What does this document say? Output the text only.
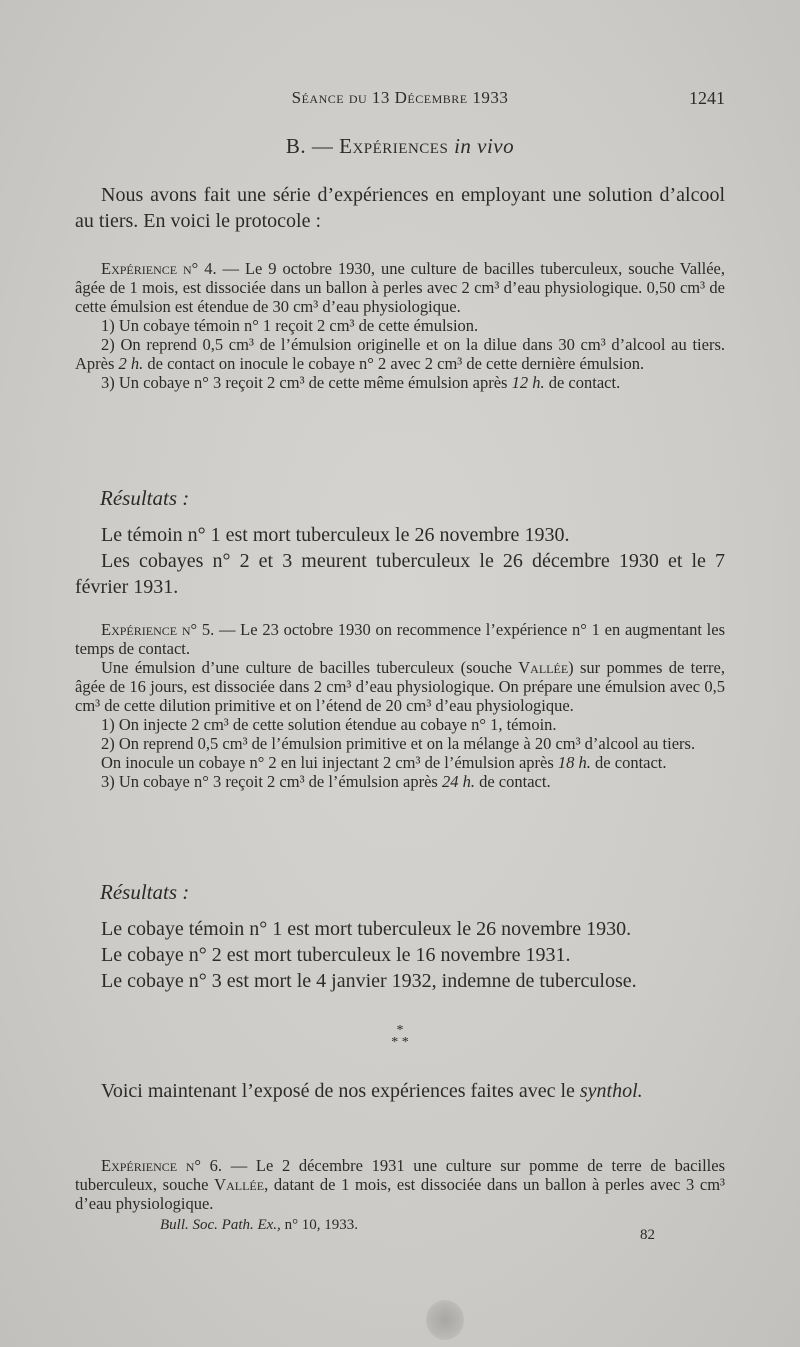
Séance du 13 Décembre 1933	1241
B. — Expériences in vivo

Nous avons fait une série d’expériences en employant une solution d’alcool au tiers. En voici le protocole :

Expérience n° 4. — Le 9 octobre 1930, une culture de bacilles tuberculeux, souche Vallée, âgée de 1 mois, est dissociée dans un ballon à perles avec 2 cm³ d’eau physiologique. 0,50 cm³ de cette émulsion est étendue de 30 cm³ d’eau physiologique.

1) Un cobaye témoin n° 1 reçoit 2 cm³ de cette émulsion.

2) On reprend 0,5 cm³ de l’émulsion originelle et on la dilue dans 30 cm³ d’alcool au tiers. Après 2 h. de contact on inocule le cobaye n° 2 avec 2 cm³ de cette dernière émulsion.

3) Un cobaye n° 3 reçoit 2 cm³ de cette même émulsion après 12 h. de contact.

Résultats :

Le témoin n° 1 est mort tuberculeux le 26 novembre 1930.

Les cobayes n° 2 et 3 meurent tuberculeux le 26 décembre 1930 et le 7 février 1931.

Expérience n° 5. — Le 23 octobre 1930 on recommence l’expérience n° 1 en augmentant les temps de contact.

Une émulsion d’une culture de bacilles tuberculeux (souche Vallée) sur pommes de terre, âgée de 16 jours, est dissociée dans 2 cm³ d’eau physiologique. On prépare une émulsion avec 0,5 cm³ de cette dilution primitive et on l’étend de 20 cm³ d’eau physiologique.

1) On injecte 2 cm³ de cette solution étendue au cobaye n° 1, témoin.

2) On reprend 0,5 cm³ de l’émulsion primitive et on la mélange à 20 cm³ d’alcool au tiers.

On inocule un cobaye n° 2 en lui injectant 2 cm³ de l’émulsion après 18 h. de contact.

3) Un cobaye n° 3 reçoit 2 cm³ de l’émulsion après 24 h. de contact.

Résultats :

Le cobaye témoin n° 1 est mort tuberculeux le 26 novembre 1930.

Le cobaye n° 2 est mort tuberculeux le 16 novembre 1931.

Le cobaye n° 3 est mort le 4 janvier 1932, indemne de tuberculose.

*
* *

Voici maintenant l’exposé de nos expériences faites avec le synthol.

Expérience n° 6. — Le 2 décembre 1931 une culture sur pomme de terre de bacilles tuberculeux, souche Vallée, datant de 1 mois, est dissociée dans un ballon à perles avec 3 cm³ d’eau physiologique.

Bull. Soc. Path. Ex., n° 10, 1933.
82
